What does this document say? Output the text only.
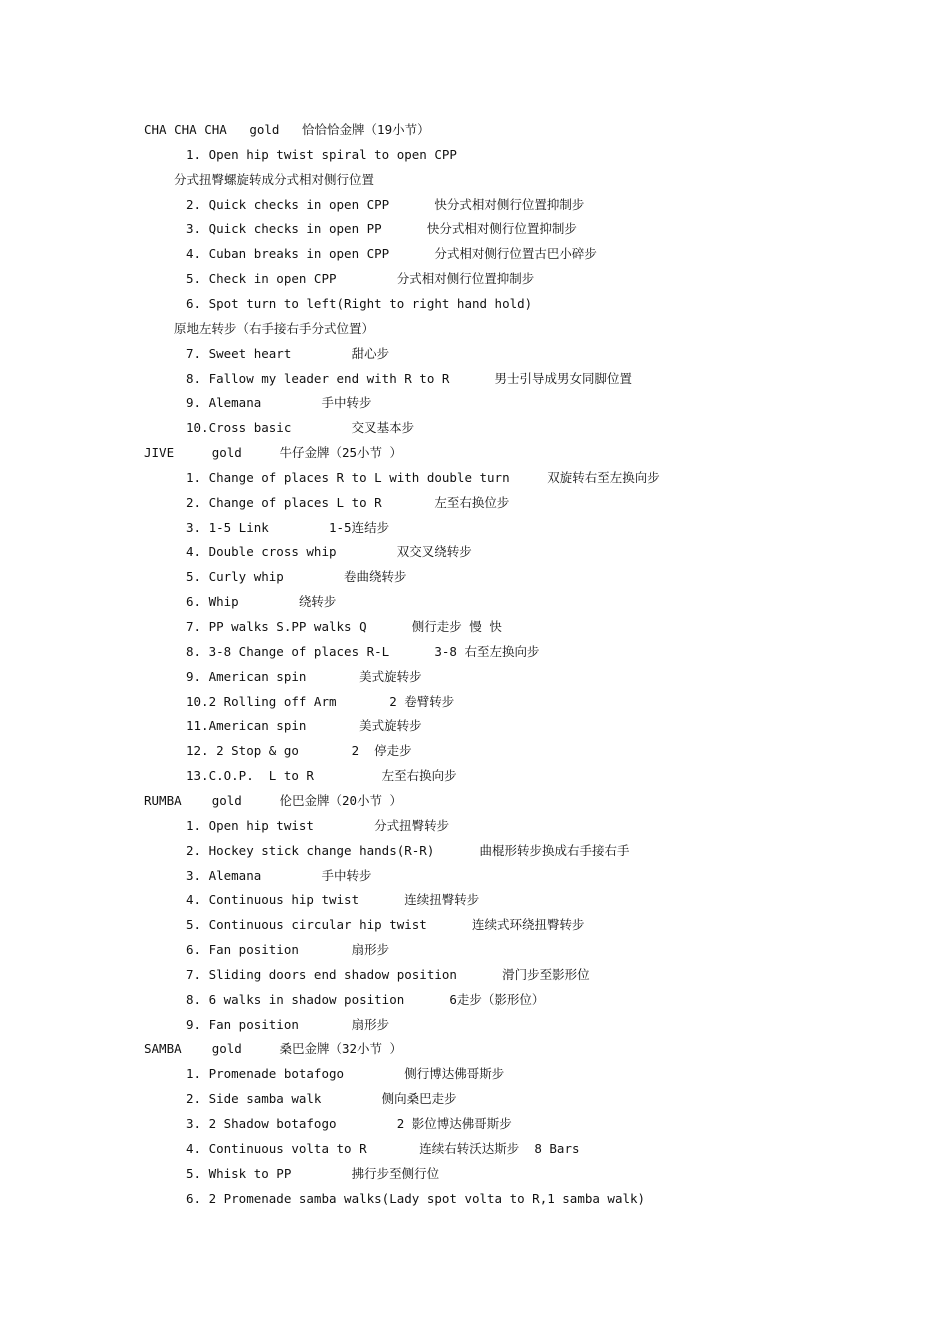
CHA CHA CHA   gold   恰恰恰金牌（19小节）
1. Open hip twist spiral to open CPP
分式扭臀螺旋转成分式相对侧行位置
2. Quick checks in open CPP      快分式相对侧行位置抑制步
3. Quick checks in open PP      快分式相对侧行位置抑制步
4. Cuban breaks in open CPP      分式相对侧行位置古巴小碎步
5. Check in open CPP        分式相对侧行位置抑制步
6. Spot turn to left(Right to right hand hold)
原地左转步（右手接右手分式位置）
7. Sweet heart        甜心步
8. Fallow my leader end with R to R      男士引导成男女同脚位置
9. Alemana        手中转步
10.Cross basic        交叉基本步
JIVE     gold     牛仔金牌（25小节 ）
1. Change of places R to L with double turn     双旋转右至左换向步
2. Change of places L to R       左至右换位步
3. 1-5 Link        1-5连结步
4. Double cross whip        双交叉绕转步
5. Curly whip        卷曲绕转步
6. Whip        绕转步
7. PP walks S.PP walks Q      侧行走步 慢 快
8. 3-8 Change of places R-L      3-8 右至左换向步
9. American spin       美式旋转步
10.2 Rolling off Arm       2 卷臂转步
11.American spin       美式旋转步
12. 2 Stop & go       2  停走步
13.C.O.P.  L to R         左至右换向步
RUMBA    gold     伦巴金牌（20小节 ）
1. Open hip twist        分式扭臀转步
2. Hockey stick change hands(R-R)      曲棍形转步换成右手接右手
3. Alemana        手中转步
4. Continuous hip twist      连续扭臀转步
5. Continuous circular hip twist      连续式环绕扭臀转步
6. Fan position       扇形步
7. Sliding doors end shadow position      滑门步至影形位
8. 6 walks in shadow position      6走步（影形位）
9. Fan position       扇形步
SAMBA    gold     桑巴金牌（32小节 ）
1. Promenade botafogo        侧行博达佛哥斯步
2. Side samba walk        侧向桑巴走步
3. 2 Shadow botafogo        2 影位博达佛哥斯步
4. Continuous volta to R       连续右转沃达斯步  8 Bars
5. Whisk to PP        拂行步至侧行位
6. 2 Promenade samba walks(Lady spot volta to R,1 samba walk)
